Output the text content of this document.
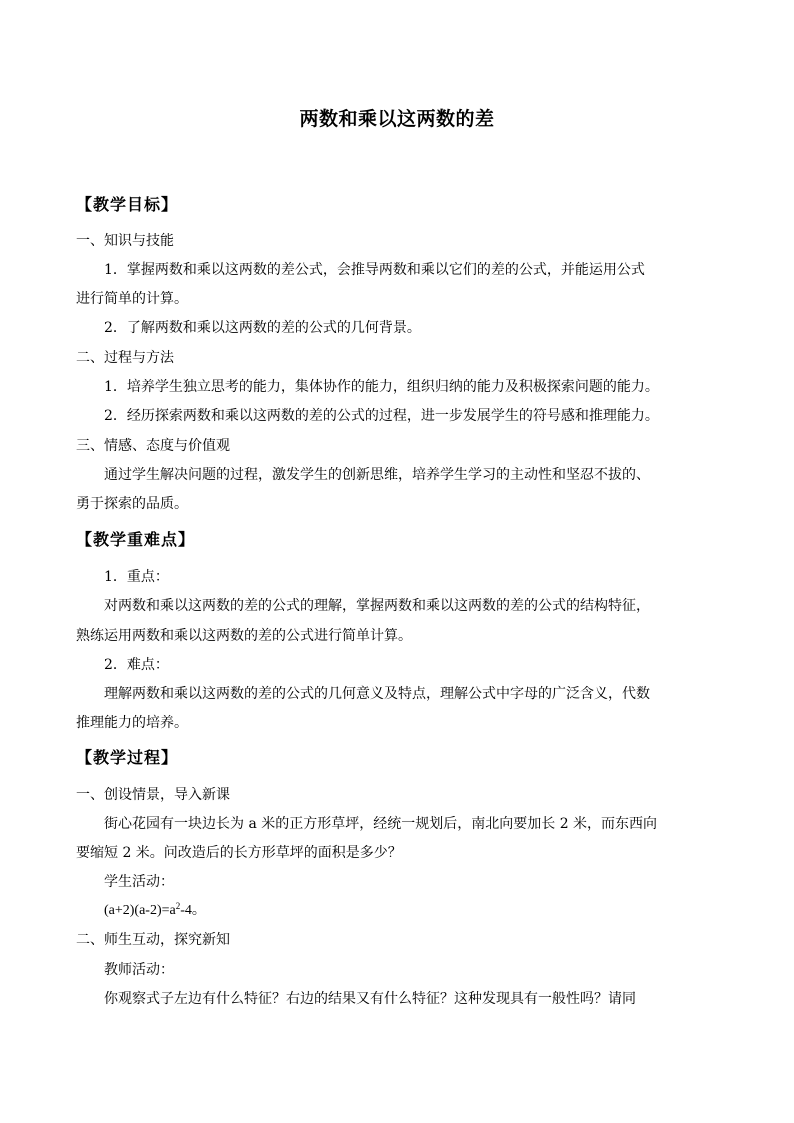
两数和乘以这两数的差
【教学目标】
一、知识与技能
1．掌握两数和乘以这两数的差公式，会推导两数和乘以它们的差的公式，并能运用公式
进行简单的计算。
2．了解两数和乘以这两数的差的公式的几何背景。
二、过程与方法
1．培养学生独立思考的能力，集体协作的能力，组织归纳的能力及积极探索问题的能力。
2．经历探索两数和乘以这两数的差的公式的过程，进一步发展学生的符号感和推理能力。
三、情感、态度与价值观
通过学生解决问题的过程，激发学生的创新思维，培养学生学习的主动性和坚忍不拔的、
勇于探索的品质。
【教学重难点】
1．重点：
对两数和乘以这两数的差的公式的理解，掌握两数和乘以这两数的差的公式的结构特征，
熟练运用两数和乘以这两数的差的公式进行简单计算。
2．难点：
理解两数和乘以这两数的差的公式的几何意义及特点，理解公式中字母的广泛含义，代数
推理能力的培养。
【教学过程】
一、创设情景，导入新课
街心花园有一块边长为 a 米的正方形草坪，经统一规划后，南北向要加长 2 米，而东西向
要缩短 2 米。问改造后的长方形草坪的面积是多少？
学生活动：
$(a+2)(a-2)=a^2-4$。
二、师生互动，探究新知
教师活动：
你观察式子左边有什么特征？右边的结果又有什么特征？这种发现具有一般性吗？请同
